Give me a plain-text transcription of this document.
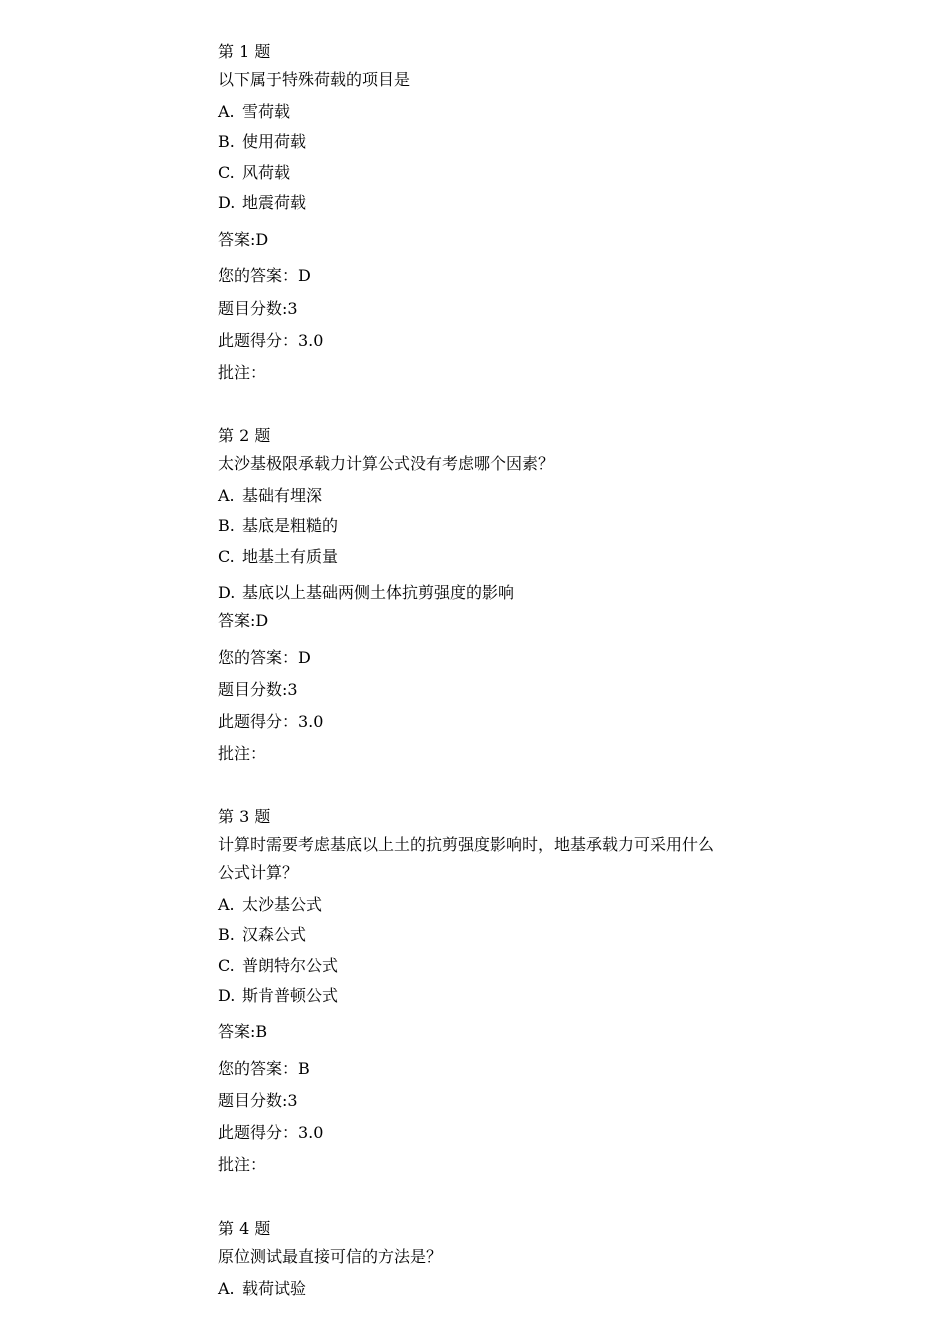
第 1 题
以下属于特殊荷载的项目是
A. 雪荷载
B. 使用荷载
C. 风荷载
D. 地震荷载
答案:D
您的答案：D
题目分数:3
此题得分：3.0
批注：
第 2 题
太沙基极限承载力计算公式没有考虑哪个因素？
A. 基础有埋深
B. 基底是粗糙的
C. 地基土有质量
D. 基底以上基础两侧土体抗剪强度的影响
答案:D
您的答案：D
题目分数:3
此题得分：3.0
批注：
第 3 题
计算时需要考虑基底以上土的抗剪强度影响时，地基承载力可采用什么公式计算？
A. 太沙基公式
B. 汉森公式
C. 普朗特尔公式
D. 斯肯普顿公式
答案:B
您的答案：B
题目分数:3
此题得分：3.0
批注：
第 4 题
原位测试最直接可信的方法是？
A. 载荷试验
